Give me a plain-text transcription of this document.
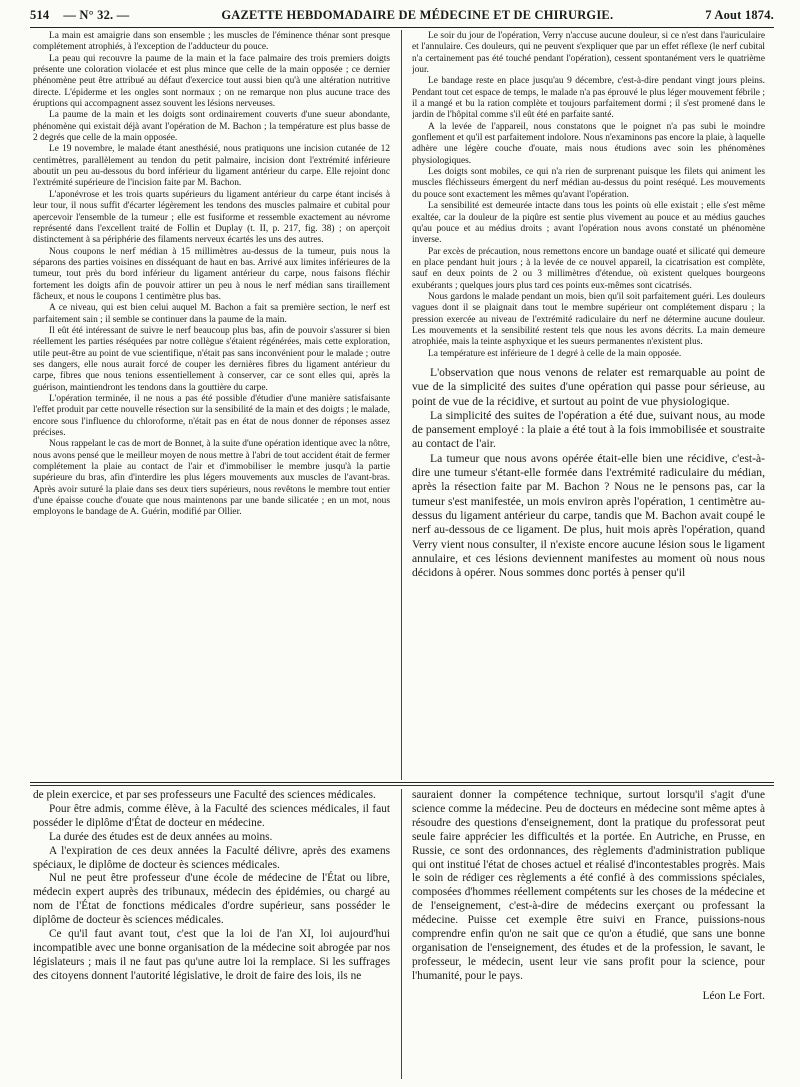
514 — N° 32. —	GAZETTE HEBDOMADAIRE DE MÉDECINE ET DE CHIRURGIE.	7 Aout 1874.

La main est amaigrie dans son ensemble ; les muscles de l'éminence thénar sont presque complétement atrophiés, à l'exception de l'adducteur du pouce.

La peau qui recouvre la paume de la main et la face palmaire des trois premiers doigts présente une coloration violacée et est plus mince que celle de la main opposée ; ce dernier phénomène peut être attribué au défaut d'exercice tout aussi bien qu'à une altération nutritive directe. L'épiderme et les ongles sont normaux ; on ne remarque non plus aucune trace des éruptions qui accompagnent assez souvent les lésions nerveuses.

La paume de la main et les doigts sont ordinairement couverts d'une sueur abondante, phénomène qui existait déjà avant l'opération de M. Bachon ; la température est plus basse de 2 degrés que celle de la main opposée.

Le 19 novembre, le malade étant anesthésié, nous pratiquons une incision cutanée de 12 centimètres, parallèlement au tendon du petit palmaire, incision dont l'extrémité inférieure aboutit un peu au-dessous du bord inférieur du ligament antérieur du carpe. Elle rejoint donc l'extrémité supérieure de l'incision faite par M. Bachon.

L'aponévrose et les trois quarts supérieurs du ligament antérieur du carpe étant incisés à leur tour, il nous suffit d'écarter légèrement les tendons des muscles palmaire et cubital pour apercevoir l'ensemble de la tumeur ; elle est fusiforme et ressemble exactement au névrome représenté dans l'excellent traité de Follin et Duplay (t. II, p. 217, fig. 38) ; on aperçoit distinctement à sa périphérie des filaments nerveux écartés les uns des autres.

Nous coupons le nerf médian à 15 millimètres au-dessus de la tumeur, puis nous la séparons des parties voisines en disséquant de haut en bas. Arrivé aux limites inférieures de la tumeur, tout près du bord inférieur du ligament antérieur du carpe, nous faisons fléchir fortement les doigts afin de pouvoir attirer un peu à nous le nerf médian sans tiraillement fâcheux, et nous le coupons 1 centimètre plus bas.

A ce niveau, qui est bien celui auquel M. Bachon a fait sa première section, le nerf est parfaitement sain ; il semble se continuer dans la paume de la main.

Il eût été intéressant de suivre le nerf beaucoup plus bas, afin de pouvoir s'assurer si bien réellement les parties réséquées par notre collègue s'étaient régénérées, mais cette exploration, utile peut-être au point de vue scientifique, n'était pas sans inconvénient pour le malade ; outre ses dangers, elle nous aurait forcé de couper les dernières fibres du ligament antérieur du carpe, fibres que nous tenions essentiellement à conserver, car ce sont elles qui, après la guérison, maintiendront les tendons dans la gouttière du carpe.

L'opération terminée, il ne nous a pas été possible d'étudier d'une manière satisfaisante l'effet produit par cette nouvelle résection sur la sensibilité de la main et des doigts ; le malade, encore sous l'influence du chloroforme, n'était pas en état de nous donner de réponses assez précises.

Nous rappelant le cas de mort de Bonnet, à la suite d'une opération identique avec la nôtre, nous avons pensé que le meilleur moyen de nous mettre à l'abri de tout accident était de fermer complétement la plaie au contact de l'air et d'immobiliser le membre jusqu'à la partie supérieure du bras, afin d'interdire les plus légers mouvements aux muscles de l'avant-bras. Après avoir suturé la plaie dans ses deux tiers supérieurs, nous revêtons le membre tout entier d'une épaisse couche d'ouate que nous maintenons par une bande silicatée ; en un mot, nous employons le bandage de A. Guérin, modifié par Ollier.

Le soir du jour de l'opération, Verry n'accuse aucune douleur, si ce n'est dans l'auriculaire et l'annulaire. Ces douleurs, qui ne peuvent s'expliquer que par un effet réflexe (le nerf cubital n'a certainement pas été touché pendant l'opération), cessent spontanément vers le quatrième jour.

Le bandage reste en place jusqu'au 9 décembre, c'est-à-dire pendant vingt jours pleins. Pendant tout cet espace de temps, le malade n'a pas éprouvé le plus léger mouvement fébrile ; il a mangé et bu la ration complète et toujours parfaitement dormi ; il s'est promené dans le jardin de l'hôpital comme s'il eût été en parfaite santé.

A la levée de l'appareil, nous constatons que le poignet n'a pas subi le moindre gonflement et qu'il est parfaitement indolore. Nous n'examinons pas encore la plaie, à laquelle adhère une légère couche d'ouate, mais nous étudions avec soin les phénomènes physiologiques.

Les doigts sont mobiles, ce qui n'a rien de surprenant puisque les filets qui animent les muscles fléchisseurs émergent du nerf médian au-dessus du point reséqué. Les mouvements du pouce sont exactement les mêmes qu'avant l'opération.

La sensibilité est demeurée intacte dans tous les points où elle existait ; elle s'est même exaltée, car la douleur de la piqûre est sentie plus vivement au pouce et au médius gauches qu'au pouce et au médius droits ; avant l'opération nous avons constaté un phénomène inverse.

Par excès de précaution, nous remettons encore un bandage ouaté et silicaté qui demeure en place pendant huit jours ; à la levée de ce nouvel appareil, la cicatrisation est complète, sauf en deux points de 2 ou 3 millimètres d'étendue, où existent quelques bourgeons exubérants ; quelques jours plus tard ces points eux-mêmes sont cicatrisés.

Nous gardons le malade pendant un mois, bien qu'il soit parfaitement guéri. Les douleurs vagues dont il se plaignait dans tout le membre supérieur ont complétement disparu ; la pression exercée au niveau de l'extrémité radiculaire du nerf ne détermine aucune douleur. Les mouvements et la sensibilité restent tels que nous les avons décrits. La main demeure atrophiée, mais la teinte asphyxique et les sueurs permanentes n'existent plus.

La température est inférieure de 1 degré à celle de la main opposée.

L'observation que nous venons de relater est remarquable au point de vue de la simplicité des suites d'une opération qui passe pour sérieuse, au point de vue de la récidive, et surtout au point de vue physiologique.

La simplicité des suites de l'opération a été due, suivant nous, au mode de pansement employé : la plaie a été tout à la fois immobilisée et soustraite au contact de l'air.

La tumeur que nous avons opérée était-elle bien une récidive, c'est-à-dire une tumeur s'étant-elle formée dans l'extrémité radiculaire du médian, après la résection faite par M. Bachon ? Nous ne le pensons pas, car la tumeur s'est manifestée, un mois environ après l'opération, 1 centimètre au-dessus du ligament antérieur du carpe, tandis que M. Bachon avait coupé le nerf au-dessous de ce ligament. De plus, huit mois après l'opération, quand Verry vient nous consulter, il n'existe encore aucune lésion sous le ligament annulaire, et ces lésions deviennent manifestes au moment où nous nous décidons à opérer. Nous sommes donc portés à penser qu'il

de plein exercice, et par ses professeurs une Faculté des sciences médicales.

Pour être admis, comme élève, à la Faculté des sciences médicales, il faut posséder le diplôme d'État de docteur en médecine.

La durée des études est de deux années au moins.

A l'expiration de ces deux années la Faculté délivre, après des examens spéciaux, le diplôme de docteur ès sciences médicales.

Nul ne peut être professeur d'une école de médecine de l'État ou libre, médecin expert auprès des tribunaux, médecin des épidémies, ou chargé au nom de l'État de fonctions médicales d'ordre supérieur, sans posséder le diplôme de docteur ès sciences médicales.

Ce qu'il faut avant tout, c'est que la loi de l'an XI, loi aujourd'hui incompatible avec une bonne organisation de la médecine soit abrogée par nos législateurs ; mais il ne faut pas qu'une autre loi la remplace. Si les suffrages des citoyens donnent l'autorité législative, le droit de faire des lois, ils ne

sauraient donner la compétence technique, surtout lorsqu'il s'agit d'une science comme la médecine. Peu de docteurs en médecine sont même aptes à résoudre des questions d'enseignement, dont la pratique du professorat peut seule faire apprécier les difficultés et la portée. En Autriche, en Prusse, en Russie, ce sont des ordonnances, des règlements d'administration publique qui ont institué l'état de choses actuel et réalisé d'incontestables progrès. Mais le soin de rédiger ces règlements a été confié à des commissions spéciales, composées d'hommes réellement compétents sur les choses de la médecine et de l'enseignement, c'est-à-dire de médecins exerçant ou professant la médecine. Puisse cet exemple être suivi en France, puissions-nous comprendre enfin qu'on ne sait que ce qu'on a étudié, que sans une bonne organisation de l'enseignement, des études et de la profession, le savant, le professeur, le médecin, usent leur vie sans profit pour la science, pour l'humanité, pour le pays.

Léon Le Fort.
